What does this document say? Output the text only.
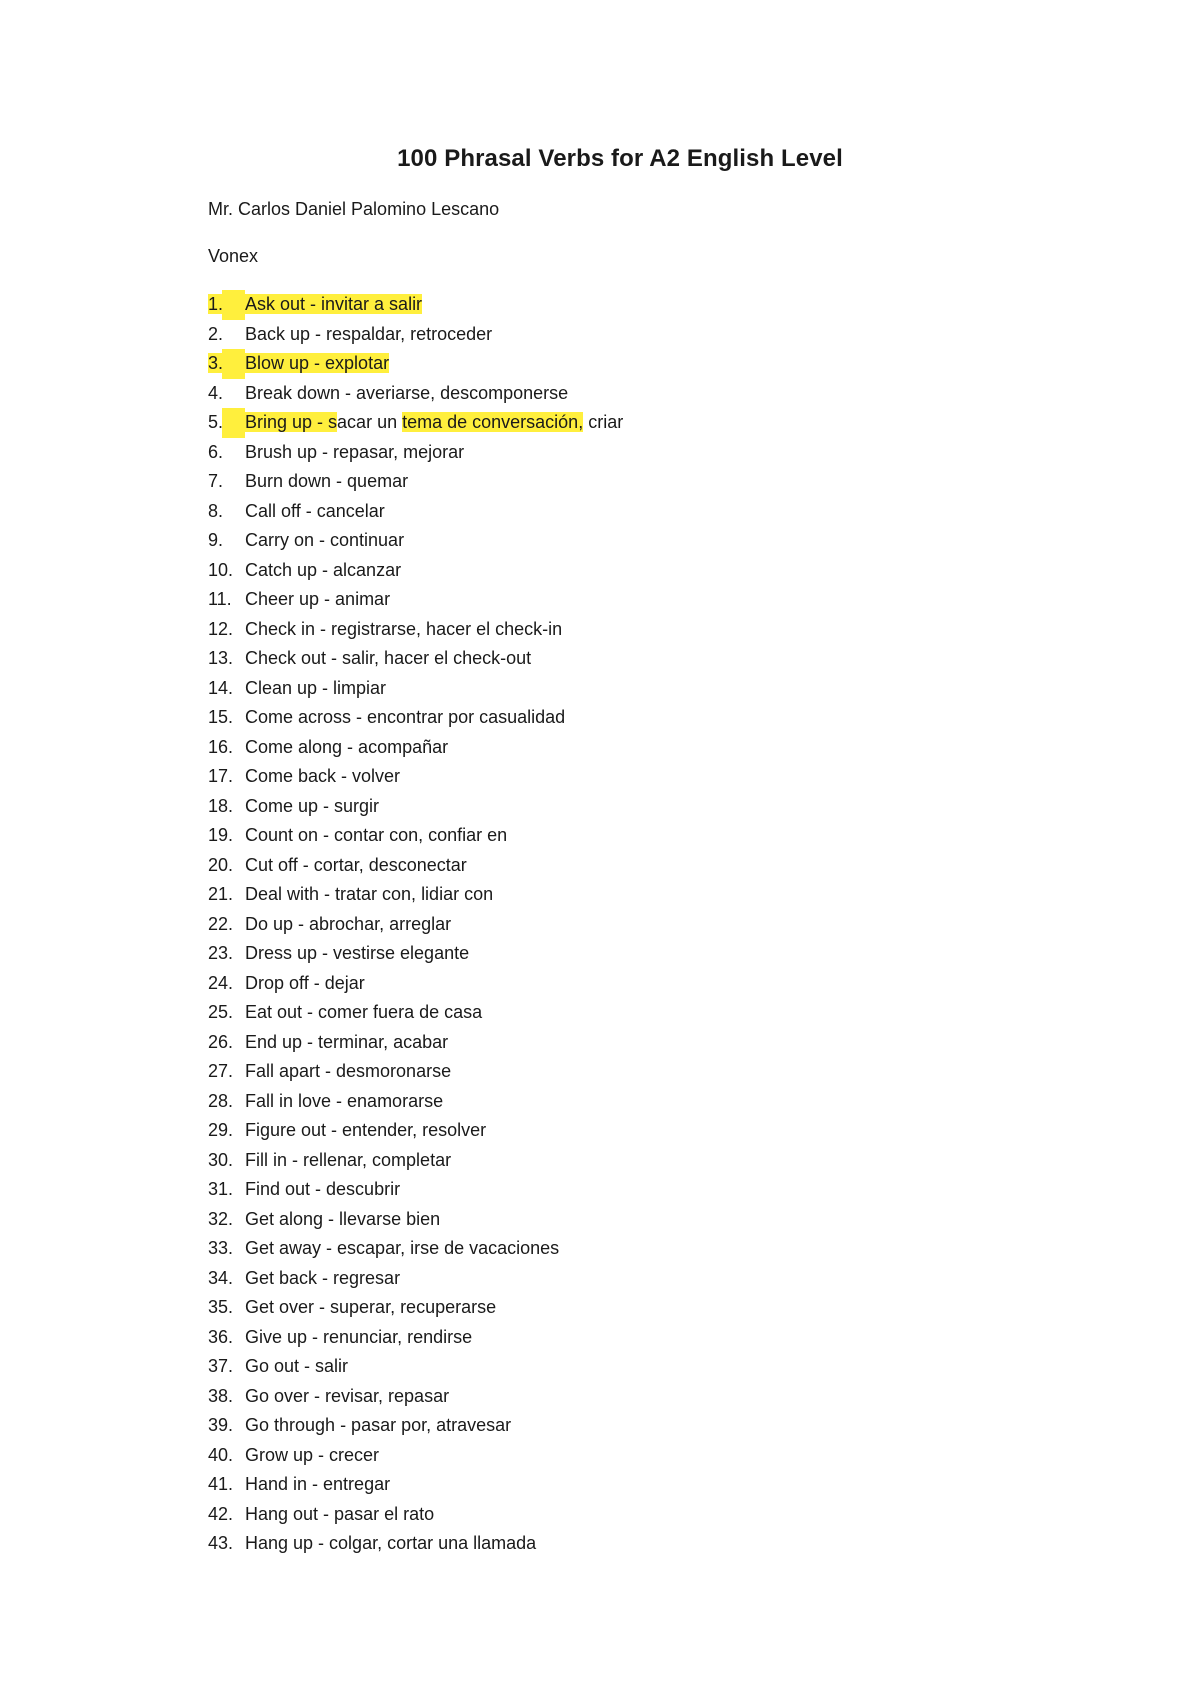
100 Phrasal Verbs for A2 English Level
Mr. Carlos Daniel Palomino Lescano
Vonex
1. Ask out - invitar a salir
2. Back up - respaldar, retroceder
3. Blow up - explotar
4. Break down - averiarse, descomponerse
5. Bring up - sacar un tema de conversación, criar
6. Brush up - repasar, mejorar
7. Burn down - quemar
8. Call off - cancelar
9. Carry on - continuar
10. Catch up - alcanzar
11. Cheer up - animar
12. Check in - registrarse, hacer el check-in
13. Check out - salir, hacer el check-out
14. Clean up - limpiar
15. Come across - encontrar por casualidad
16. Come along - acompañar
17. Come back - volver
18. Come up - surgir
19. Count on - contar con, confiar en
20. Cut off - cortar, desconectar
21. Deal with - tratar con, lidiar con
22. Do up - abrochar, arreglar
23. Dress up - vestirse elegante
24. Drop off - dejar
25. Eat out - comer fuera de casa
26. End up - terminar, acabar
27. Fall apart - desmoronarse
28. Fall in love - enamorarse
29. Figure out - entender, resolver
30. Fill in - rellenar, completar
31. Find out - descubrir
32. Get along - llevarse bien
33. Get away - escapar, irse de vacaciones
34. Get back - regresar
35. Get over - superar, recuperarse
36. Give up - renunciar, rendirse
37. Go out - salir
38. Go over - revisar, repasar
39. Go through - pasar por, atravesar
40. Grow up - crecer
41. Hand in - entregar
42. Hang out - pasar el rato
43. Hang up - colgar, cortar una llamada
